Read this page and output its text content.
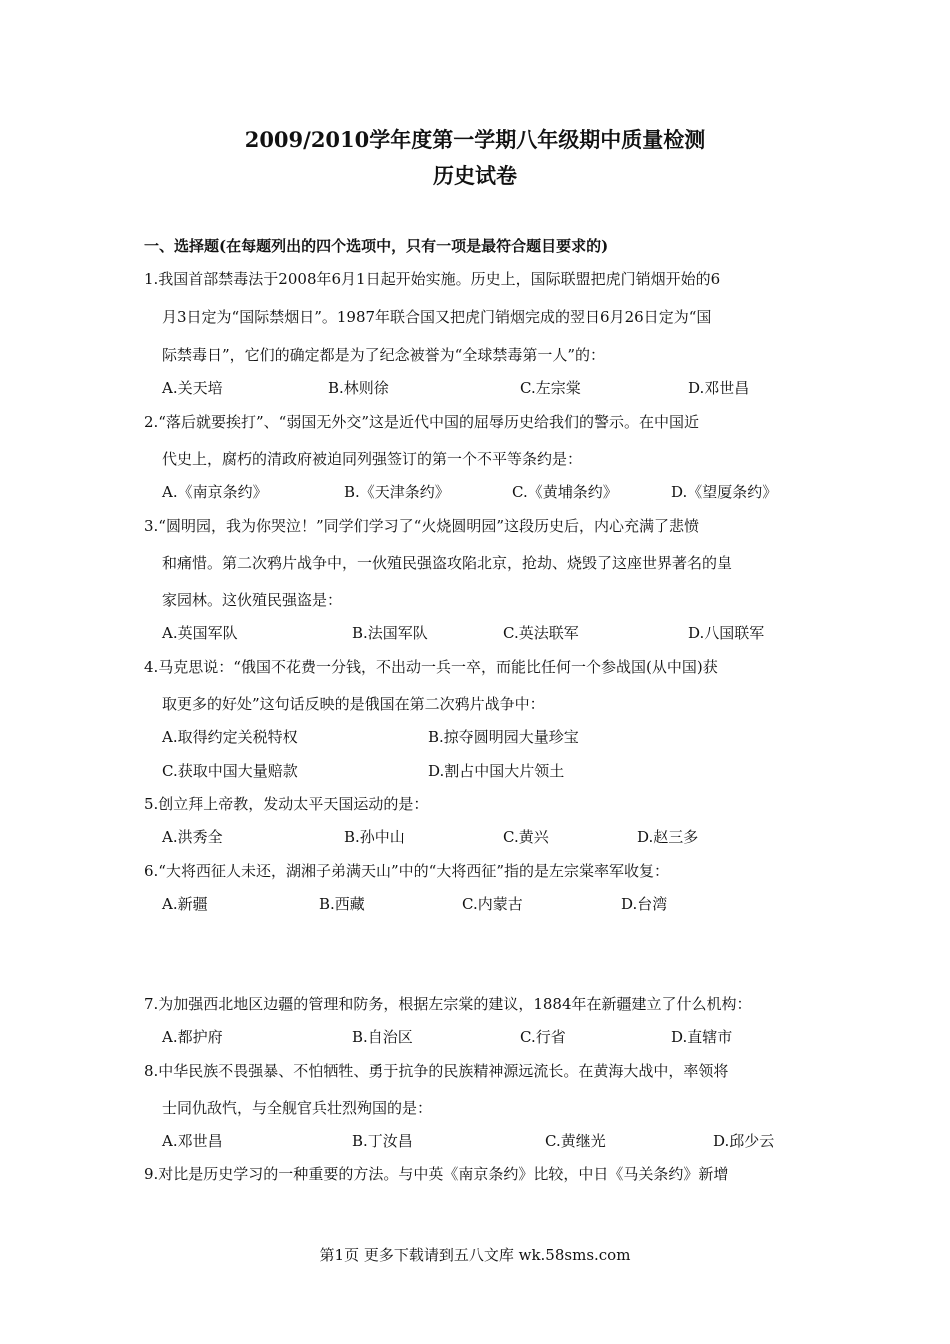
2009/2010学年度第一学期八年级期中质量检测
历史试卷
一、选择题(在每题列出的四个选项中，只有一项是最符合题目要求的)
1.我国首部禁毒法于2008年6月1日起开始实施。历史上，国际联盟把虎门销烟开始的6
月3日定为“国际禁烟日”。1987年联合国又把虎门销烟完成的翌日6月26日定为“国
际禁毒日”，它们的确定都是为了纪念被誉为“全球禁毒第一人”的：
A.关天培	B.林则徐	C.左宗棠	D.邓世昌
2.“落后就要挨打”、“弱国无外交”这是近代中国的屈辱历史给我们的警示。在中国近
代史上，腐朽的清政府被迫同列强签订的第一个不平等条约是：
A.《南京条约》	B.《天津条约》	C.《黄埔条约》	D.《望厦条约》
3.“圆明园，我为你哭泣！”同学们学习了“火烧圆明园”这段历史后，内心充满了悲愤
和痛惜。第二次鸦片战争中，一伙殖民强盗攻陷北京，抢劫、烧毁了这座世界著名的皇
家园林。这伙殖民强盗是：
A.英国军队	B.法国军队	C.英法联军	D.八国联军
4.马克思说：“俄国不花费一分钱，不出动一兵一卒，而能比任何一个参战国(从中国)获
取更多的好处”这句话反映的是俄国在第二次鸦片战争中：
A.取得约定关税特权	B.掠夺圆明园大量珍宝
C.获取中国大量赔款	D.割占中国大片领土
5.创立拜上帝教，发动太平天国运动的是：
A.洪秀全	B.孙中山	C.黄兴	D.赵三多
6.“大将西征人未还，湖湘子弟满天山”中的“大将西征”指的是左宗棠率军收复：
A.新疆	B.西藏	C.内蒙古	D.台湾
7.为加强西北地区边疆的管理和防务，根据左宗棠的建议，1884年在新疆建立了什么机构：
A.都护府	B.自治区	C.行省	D.直辖市
8.中华民族不畏强暴、不怕牺牲、勇于抗争的民族精神源远流长。在黄海大战中，率领将
士同仇敌忾，与全舰官兵壮烈殉国的是：
A.邓世昌	B.丁汝昌	C.黄继光	D.邱少云
9.对比是历史学习的一种重要的方法。与中英《南京条约》比较，中日《马关条约》新增
第1页 更多下载请到五八文库 wk.58sms.com
